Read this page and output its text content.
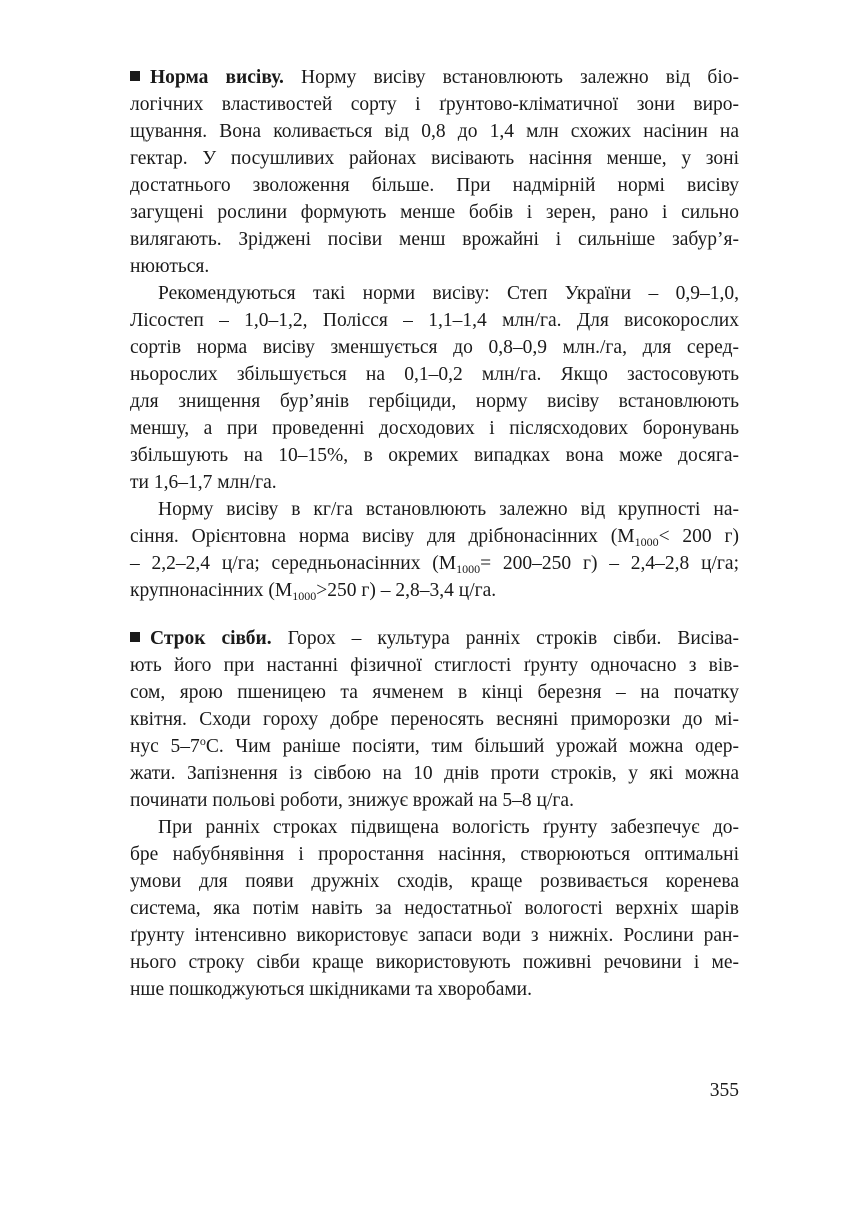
Норма висіву. Норму висіву встановлюють залежно від біо-
логічних властивостей сорту і ґрунтово-кліматичної зони виро-
щування. Вона коливається від 0,8 до 1,4 млн схожих насінин на
гектар. У посушливих районах висівають насіння менше, у зоні
достатнього зволоження більше. При надмірній нормі висіву
загущені рослини формують менше бобів і зерен, рано і сильно
вилягають. Зріджені посіви менш врожайні і сильніше забур’я-
нюються.
Рекомендуються такі норми висіву: Степ України – 0,9–1,0,
Лісостеп – 1,0–1,2, Полісся – 1,1–1,4 млн/га. Для високорослих
сортів норма висіву зменшується до 0,8–0,9 млн./га, для серед-
ньорослих збільшується на 0,1–0,2 млн/га. Якщо застосовують
для знищення бур’янів гербіциди, норму висіву встановлюють
меншу, а при проведенні досходових і післясходових боронувань
збільшують на 10–15%, в окремих випадках вона може досяга-
ти 1,6–1,7 млн/га.
Норму висіву в кг/га встановлюють залежно від крупності на-
сіння. Орієнтовна норма висіву для дрібнонасінних ($М_{1000}< 200$ г)
– 2,2–2,4 ц/га; середньонасінних ($М_{1000}= 200-250$ г) – 2,4–2,8 ц/га;
крупнонасінних ($М_{1000}>250$ г) – 2,8–3,4 ц/га.
Строк сівби. Горох – культура ранніх строків сівби. Висіва-
ють його при настанні фізичної стиглості ґрунту одночасно з вів-
сом, ярою пшеницею та ячменем в кінці березня – на початку
квітня. Сходи гороху добре переносять весняні приморозки до мі-
нус $5-7^оС$. Чим раніше посіяти, тим більший урожай можна одер-
жати. Запізнення із сівбою на 10 днів проти строків, у які можна
починати польові роботи, знижує врожай на 5–8 ц/га.
При ранніх строках підвищена вологість ґрунту забезпечує до-
бре набубнявіння і проростання насіння, створюються оптимальні
умови для появи дружніх сходів, краще розвивається коренева
система, яка потім навіть за недостатньої вологості верхніх шарів
ґрунту інтенсивно використовує запаси води з нижніх. Рослини ран-
нього строку сівби краще використовують поживні речовини і ме-
нше пошкоджуються шкідниками та хворобами.
355
